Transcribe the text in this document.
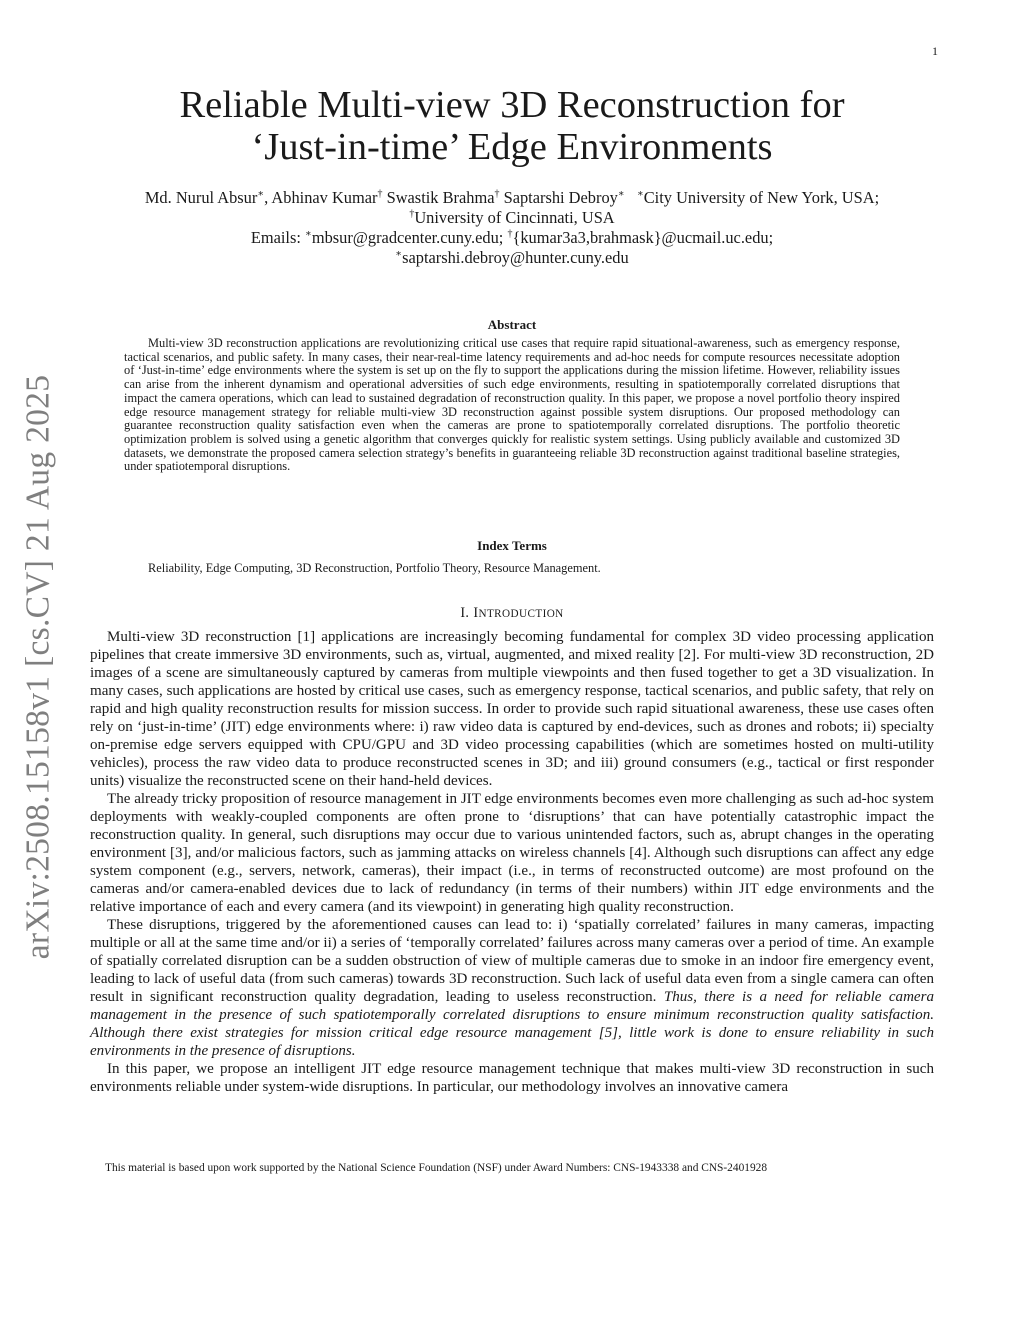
1
arXiv:2508.15158v1 [cs.CV] 21 Aug 2025
Reliable Multi-view 3D Reconstruction for
‘Just-in-time’ Edge Environments
Md. Nurul Absur∗, Abhinav Kumar† Swastik Brahma† Saptarshi Debroy∗ ∗City University of New York, USA;
†University of Cincinnati, USA
Emails: ∗mbsur@gradcenter.cuny.edu; †{kumar3a3,brahmask}@ucmail.uc.edu;
∗saptarshi.debroy@hunter.cuny.edu
Abstract

Multi-view 3D reconstruction applications are revolutionizing critical use cases that require rapid situational-awareness, such as emergency response, tactical scenarios, and public safety. In many cases, their near-real-time latency requirements and ad-hoc needs for compute resources necessitate adoption of ‘Just-in-time’ edge environments where the system is set up on the fly to support the applications during the mission lifetime. However, reliability issues can arise from the inherent dynamism and operational adversities of such edge environments, resulting in spatiotemporally correlated disruptions that impact the camera operations, which can lead to sustained degradation of reconstruction quality. In this paper, we propose a novel portfolio theory inspired edge resource management strategy for reliable multi-view 3D reconstruction against possible system disruptions. Our proposed methodology can guarantee reconstruction quality satisfaction even when the cameras are prone to spatiotemporally correlated disruptions. The portfolio theoretic optimization problem is solved using a genetic algorithm that converges quickly for realistic system settings. Using publicly available and customized 3D datasets, we demonstrate the proposed camera selection strategy’s benefits in guaranteeing reliable 3D reconstruction against traditional baseline strategies, under spatiotemporal disruptions.

Index Terms
Reliability, Edge Computing, 3D Reconstruction, Portfolio Theory, Resource Management.
I. INTRODUCTION

Multi-view 3D reconstruction [1] applications are increasingly becoming fundamental for complex 3D video processing application pipelines that create immersive 3D environments, such as, virtual, augmented, and mixed reality [2]. For multi-view 3D reconstruction, 2D images of a scene are simultaneously captured by cameras from multiple viewpoints and then fused together to get a 3D visualization. In many cases, such applications are hosted by critical use cases, such as emergency response, tactical scenarios, and public safety, that rely on rapid and high quality reconstruction results for mission success. In order to provide such rapid situational awareness, these use cases often rely on ‘just-in-time’ (JIT) edge environments where: i) raw video data is captured by end-devices, such as drones and robots; ii) specialty on-premise edge servers equipped with CPU/GPU and 3D video processing capabilities (which are sometimes hosted on multi-utility vehicles), process the raw video data to produce reconstructed scenes in 3D; and iii) ground consumers (e.g., tactical or first responder units) visualize the reconstructed scene on their hand-held devices.

The already tricky proposition of resource management in JIT edge environments becomes even more challenging as such ad-hoc system deployments with weakly-coupled components are often prone to ‘disruptions’ that can have potentially catastrophic impact the reconstruction quality. In general, such disruptions may occur due to various unintended factors, such as, abrupt changes in the operating environment [3], and/or malicious factors, such as jamming attacks on wireless channels [4]. Although such disruptions can affect any edge system component (e.g., servers, network, cameras), their impact (i.e., in terms of reconstructed outcome) are most profound on the cameras and/or camera-enabled devices due to lack of redundancy (in terms of their numbers) within JIT edge environments and the relative importance of each and every camera (and its viewpoint) in generating high quality reconstruction.

These disruptions, triggered by the aforementioned causes can lead to: i) ‘spatially correlated’ failures in many cameras, impacting multiple or all at the same time and/or ii) a series of ‘temporally correlated’ failures across many cameras over a period of time. An example of spatially correlated disruption can be a sudden obstruction of view of multiple cameras due to smoke in an indoor fire emergency event, leading to lack of useful data (from such cameras) towards 3D reconstruction. Such lack of useful data even from a single camera can often result in significant reconstruction quality degradation, leading to useless reconstruction. Thus, there is a need for reliable camera management in the presence of such spatiotemporally correlated disruptions to ensure minimum reconstruction quality satisfaction. Although there exist strategies for mission critical edge resource management [5], little work is done to ensure reliability in such environments in the presence of disruptions.

In this paper, we propose an intelligent JIT edge resource management technique that makes multi-view 3D reconstruction in such environments reliable under system-wide disruptions. In particular, our methodology involves an innovative camera

This material is based upon work supported by the National Science Foundation (NSF) under Award Numbers: CNS-1943338 and CNS-2401928
